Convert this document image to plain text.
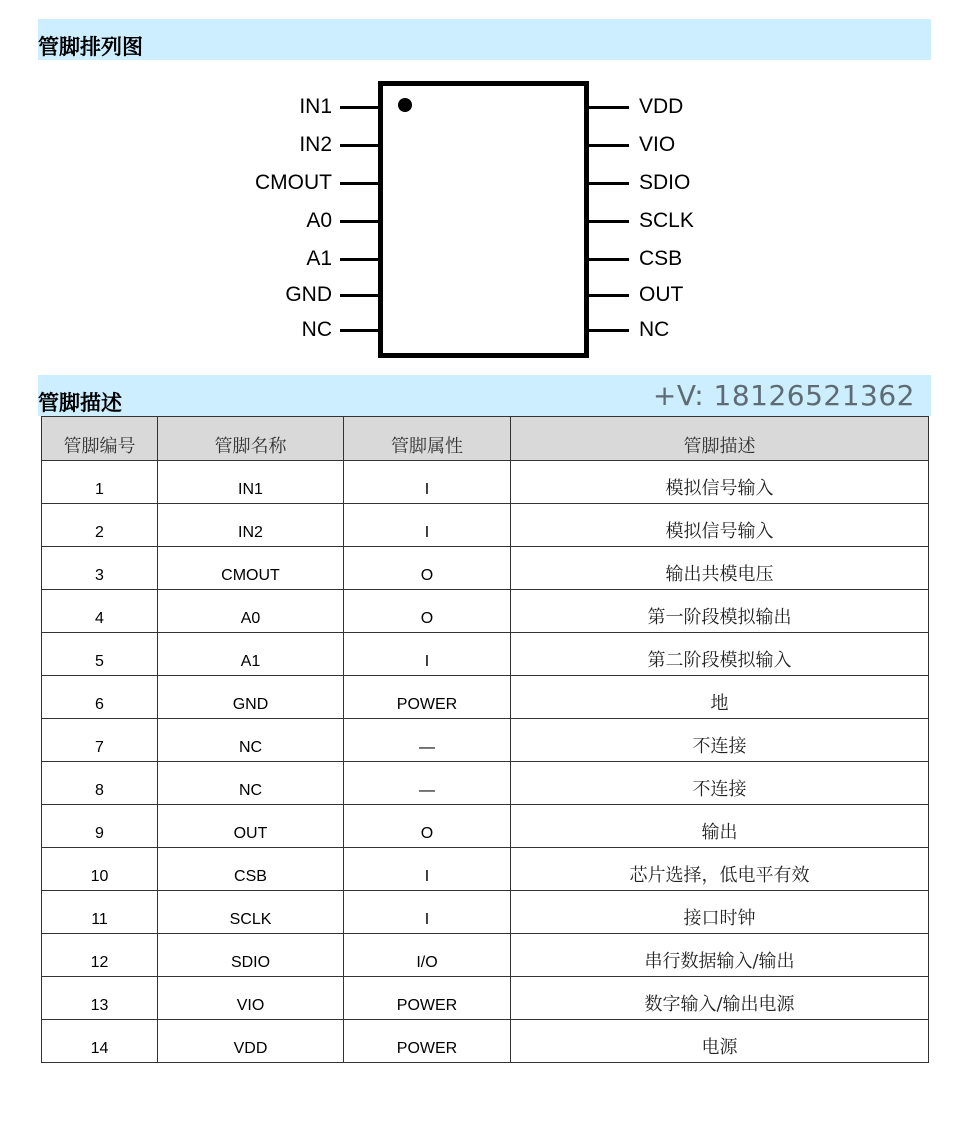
管脚排列图
IN1
IN2
CMOUT
A0
A1
GND
NC
VDD
VIO
SDIO
SCLK
CSB
OUT
NC
管脚描述	+V: 18126521362
管脚编号	管脚名称	管脚属性	管脚描述
1	IN1	I	模拟信号输入
2	IN2	I	模拟信号输入
3	CMOUT	O	输出共模电压
4	A0	O	第一阶段模拟输出
5	A1	I	第二阶段模拟输入
6	GND	POWER	地
7	NC	—	不连接
8	NC	—	不连接
9	OUT	O	输出
10	CSB	I	芯片选择，低电平有效
11	SCLK	I	接口时钟
12	SDIO	I/O	串行数据输入/输出
13	VIO	POWER	数字输入/输出电源
14	VDD	POWER	电源
